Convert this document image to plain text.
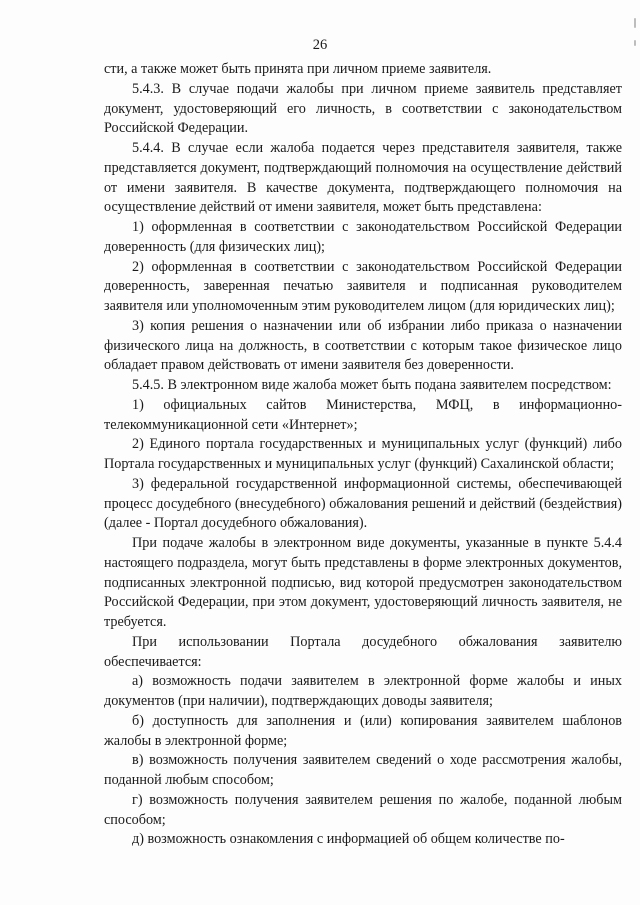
26

сти, а также может быть принята при личном приеме заявителя.

5.4.3. В случае подачи жалобы при личном приеме заявитель представляет документ, удостоверяющий его личность, в соответствии с законодательством Российской Федерации.

5.4.4. В случае если жалоба подается через представителя заявителя, также представляется документ, подтверждающий полномочия на осуществление действий от имени заявителя. В качестве документа, подтверждающего полномочия на осуществление действий от имени заявителя, может быть представлена:

1) оформленная в соответствии с законодательством Российской Федерации доверенность (для физических лиц);

2) оформленная в соответствии с законодательством Российской Федерации доверенность, заверенная печатью заявителя и подписанная руководителем заявителя или уполномоченным этим руководителем лицом (для юридических лиц);

3) копия решения о назначении или об избрании либо приказа о назначении физического лица на должность, в соответствии с которым такое физическое лицо обладает правом действовать от имени заявителя без доверенности.

5.4.5. В электронном виде жалоба может быть подана заявителем посредством:

1) официальных сайтов Министерства, МФЦ, в информационно-телекоммуникационной сети «Интернет»;

2) Единого портала государственных и муниципальных услуг (функций) либо Портала государственных и муниципальных услуг (функций) Сахалинской области;

3) федеральной государственной информационной системы, обеспечивающей процесс досудебного (внесудебного) обжалования решений и действий (бездействия) (далее - Портал досудебного обжалования).

При подаче жалобы в электронном виде документы, указанные в пункте 5.4.4 настоящего подраздела, могут быть представлены в форме электронных документов, подписанных электронной подписью, вид которой предусмотрен законодательством Российской Федерации, при этом документ, удостоверяющий личность заявителя, не требуется.

При использовании Портала досудебного обжалования заявителю обеспечивается:

а) возможность подачи заявителем в электронной форме жалобы и иных документов (при наличии), подтверждающих доводы заявителя;

б) доступность для заполнения и (или) копирования заявителем шаблонов жалобы в электронной форме;

в) возможность получения заявителем сведений о ходе рассмотрения жалобы, поданной любым способом;

г) возможность получения заявителем решения по жалобе, поданной любым способом;

д) возможность ознакомления с информацией об общем количестве по-
